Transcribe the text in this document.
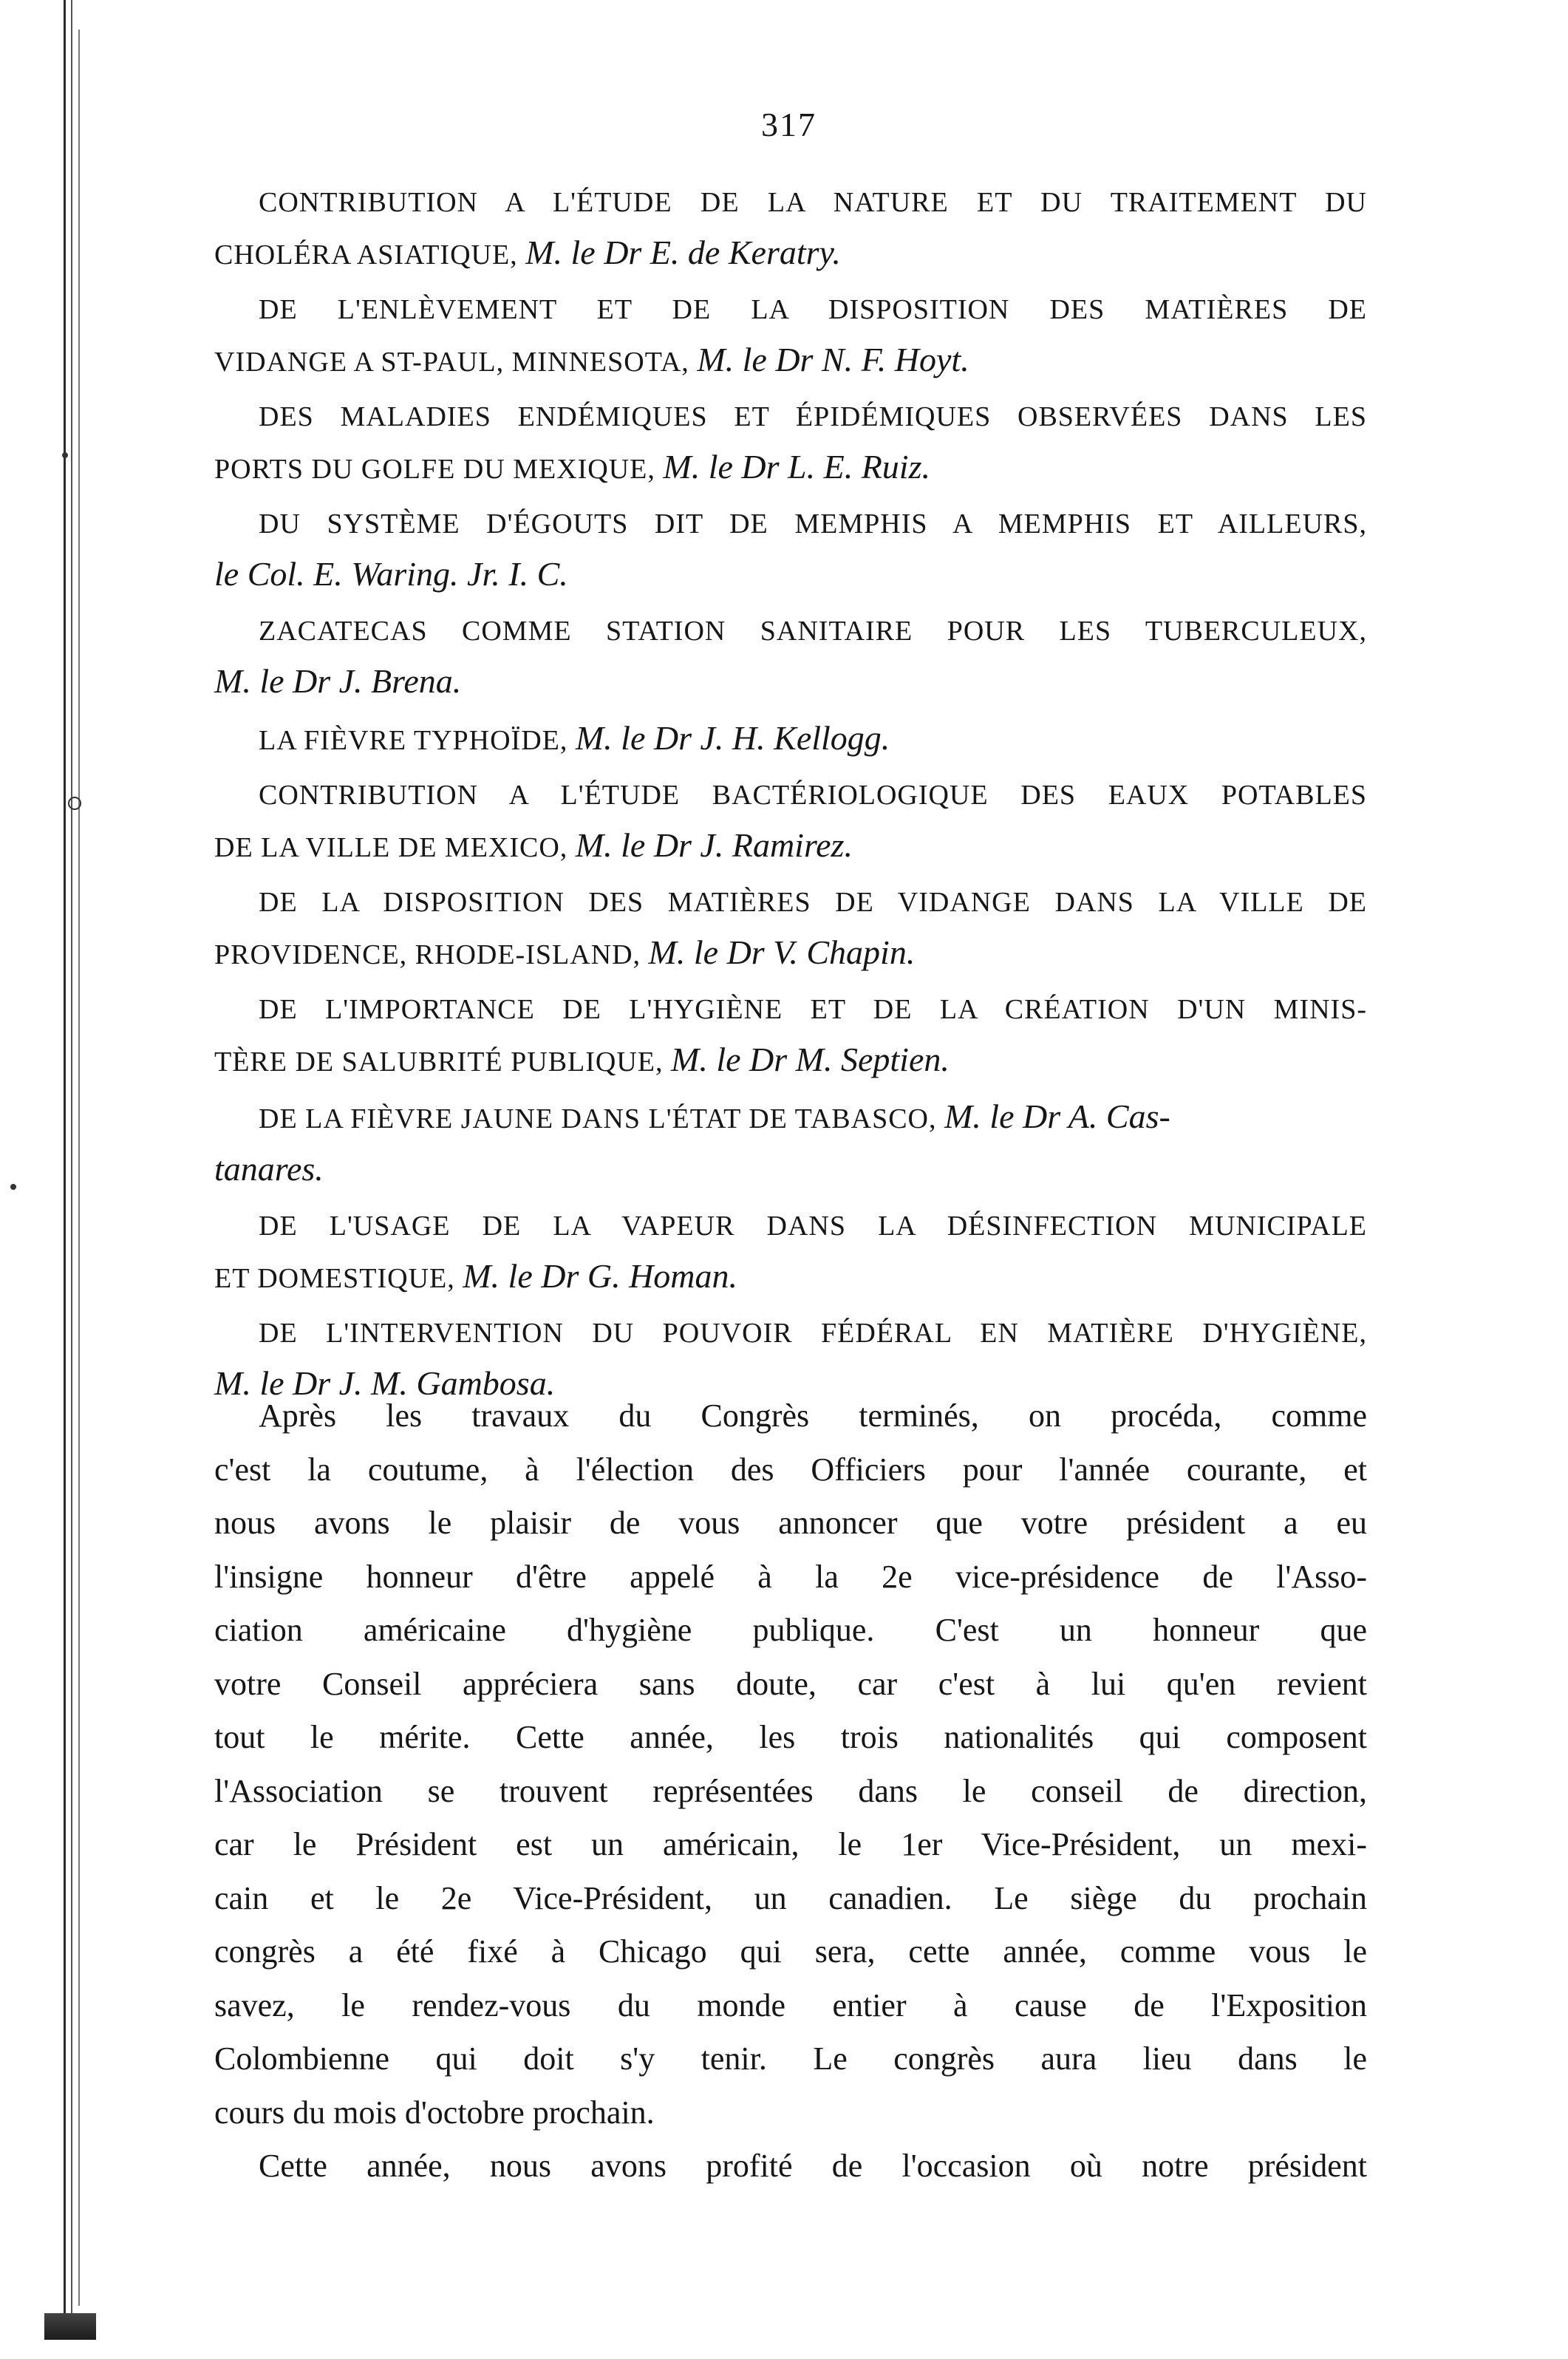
317
CONTRIBUTION A L'ÉTUDE DE LA NATURE ET DU TRAITEMENT DU
CHOLÉRA ASIATIQUE, M. le Dr E. de Keratry.
DE L'ENLÈVEMENT ET DE LA DISPOSITION DES MATIÈRES DE
VIDANGE A ST-PAUL, MINNESOTA, M. le Dr N. F. Hoyt.
DES MALADIES ENDÉMIQUES ET ÉPIDÉMIQUES OBSERVÉES DANS LES
PORTS DU GOLFE DU MEXIQUE, M. le Dr L. E. Ruiz.
DU SYSTÈME D'ÉGOUTS DIT DE MEMPHIS A MEMPHIS ET AILLEURS,
le Col. E. Waring. Jr. I. C.
ZACATECAS COMME STATION SANITAIRE POUR LES TUBERCULEUX,
M. le Dr J. Brena.
LA FIÈVRE TYPHOÏDE, M. le Dr J. H. Kellogg.
CONTRIBUTION A L'ÉTUDE BACTÉRIOLOGIQUE DES EAUX POTABLES
DE LA VILLE DE MEXICO, M. le Dr J. Ramirez.
DE LA DISPOSITION DES MATIÈRES DE VIDANGE DANS LA VILLE DE
PROVIDENCE, RHODE-ISLAND, M. le Dr V. Chapin.
DE L'IMPORTANCE DE L'HYGIÈNE ET DE LA CRÉATION D'UN MINIS-
TÈRE DE SALUBRITÉ PUBLIQUE, M. le Dr M. Septien.
DE LA FIÈVRE JAUNE DANS L'ÉTAT DE TABASCO, M. le Dr A. Cas-
tanares.
DE L'USAGE DE LA VAPEUR DANS LA DÉSINFECTION MUNICIPALE
ET DOMESTIQUE, M. le Dr G. Homan.
DE L'INTERVENTION DU POUVOIR FÉDÉRAL EN MATIÈRE D'HYGIÈNE,
M. le Dr J. M. Gambosa.

Après les travaux du Congrès terminés, on procéda, comme
c'est la coutume, à l'élection des Officiers pour l'année courante, et
nous avons le plaisir de vous annoncer que votre président a eu
l'insigne honneur d'être appelé à la 2e vice-présidence de l'Asso-
ciation américaine d'hygiène publique. C'est un honneur que
votre Conseil appréciera sans doute, car c'est à lui qu'en revient
tout le mérite. Cette année, les trois nationalités qui composent
l'Association se trouvent représentées dans le conseil de direction,
car le Président est un américain, le 1er Vice-Président, un mexi-
cain et le 2e Vice-Président, un canadien. Le siège du prochain
congrès a été fixé à Chicago qui sera, cette année, comme vous le
savez, le rendez-vous du monde entier à cause de l'Exposition
Colombienne qui doit s'y tenir. Le congrès aura lieu dans le
cours du mois d'octobre prochain.

Cette année, nous avons profité de l'occasion où notre président
